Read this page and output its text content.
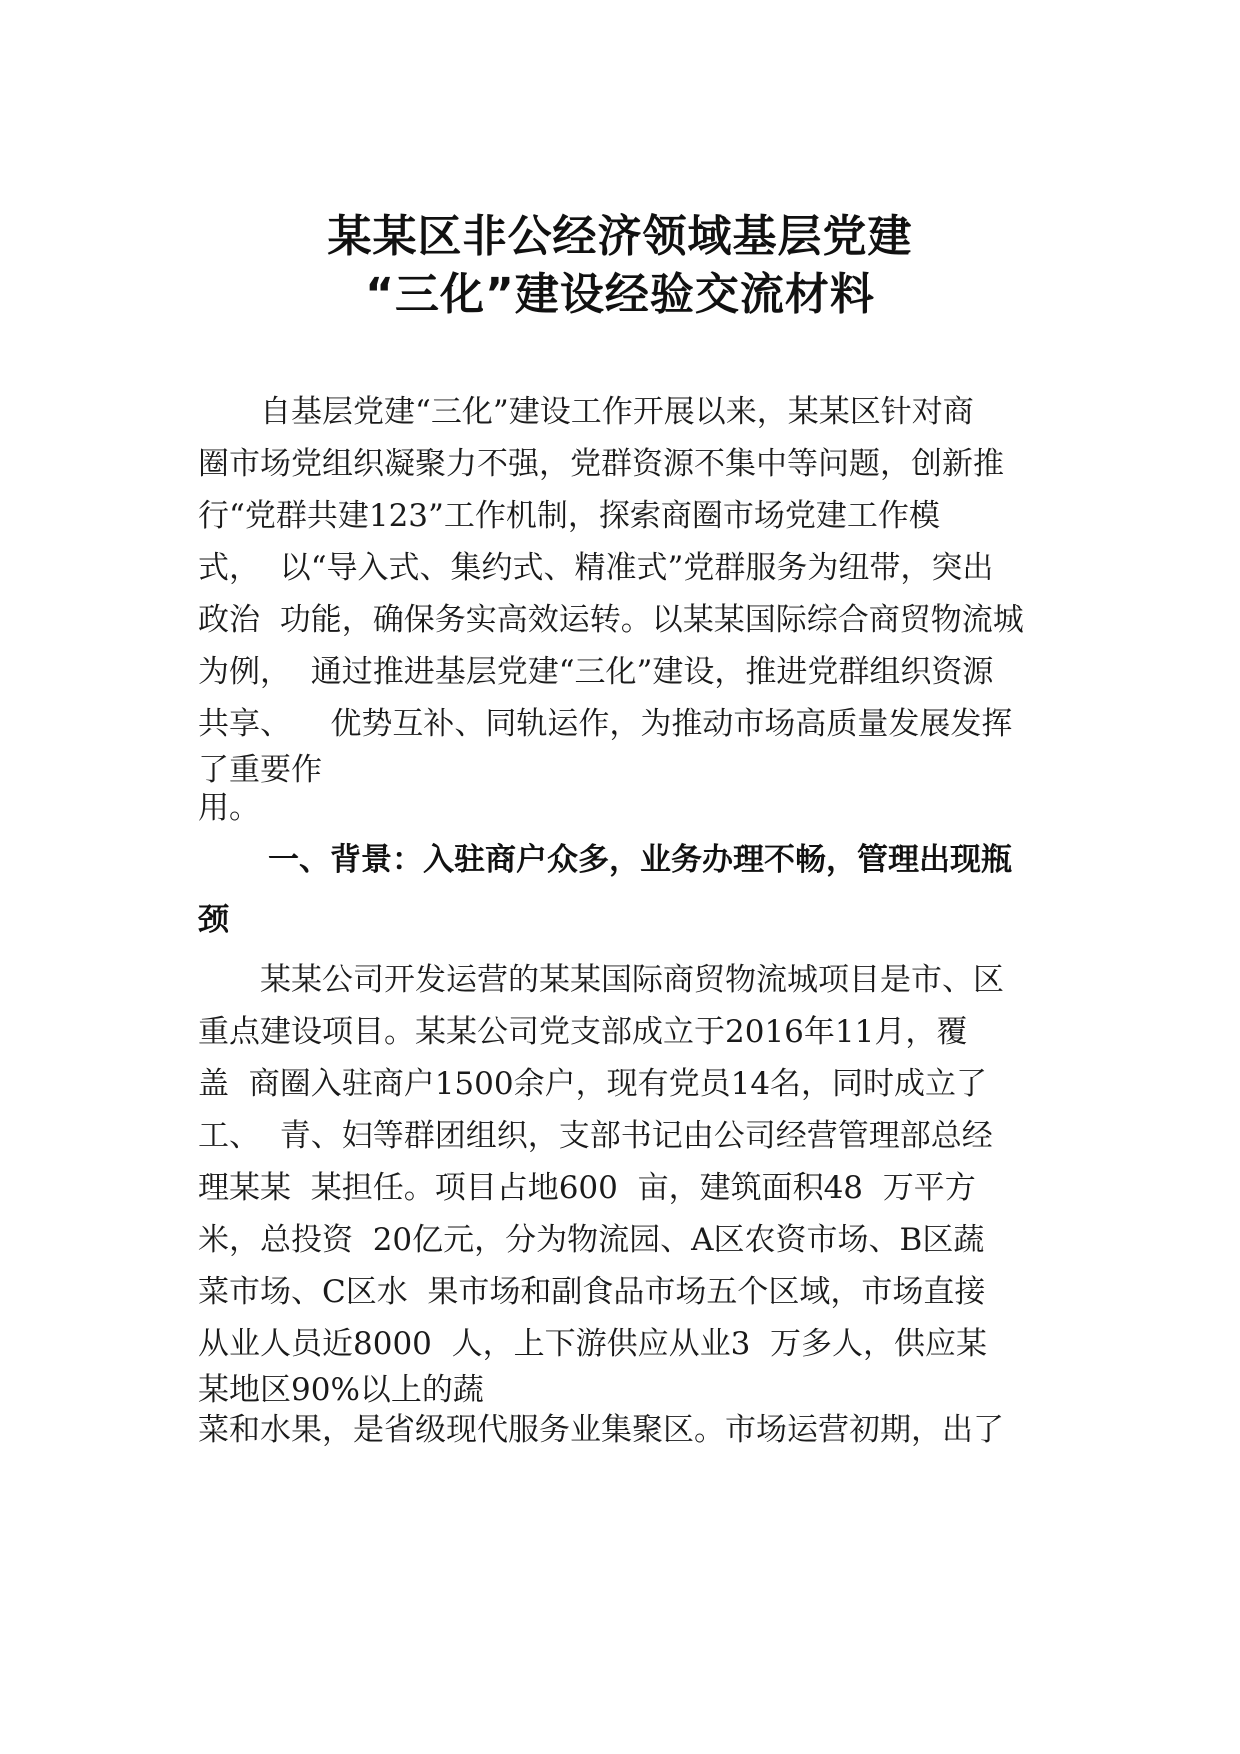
某某区非公经济领域基层党建
“三化”建设经验交流材料
　　自基层党建“三化”建设工作开展以来，某某区针对商
圈市场党组织凝聚力不强，党群资源不集中等问题，创新推
行“党群共建123”工作机制，探索商圈市场党建工作模
式，  以“导入式、集约式、精准式”党群服务为纽带，突出
政治  功能，确保务实高效运转。以某某国际综合商贸物流城
为例，  通过推进基层党建“三化”建设，推进党群组织资源
共享、    优势互补、同轨运作，为推动市场高质量发展发挥
了重要作
用。
一、背景：入驻商户众多，业务办理不畅，管理出现瓶
颈
　　某某公司开发运营的某某国际商贸物流城项目是市、区
重点建设项目。某某公司党支部成立于2016年11月，覆
盖  商圈入驻商户1500余户，现有党员14名，同时成立了
工、  青、妇等群团组织，支部书记由公司经营管理部总经
理某某  某担任。项目占地600  亩，建筑面积48  万平方
米，总投资  20亿元，分为物流园、A区农资市场、B区蔬
菜市场、C区水  果市场和副食品市场五个区域，市场直接
从业人员近8000  人，上下游供应从业3  万多人，供应某
某地区90%以上的蔬
菜和水果，是省级现代服务业集聚区。市场运营初期，出了
